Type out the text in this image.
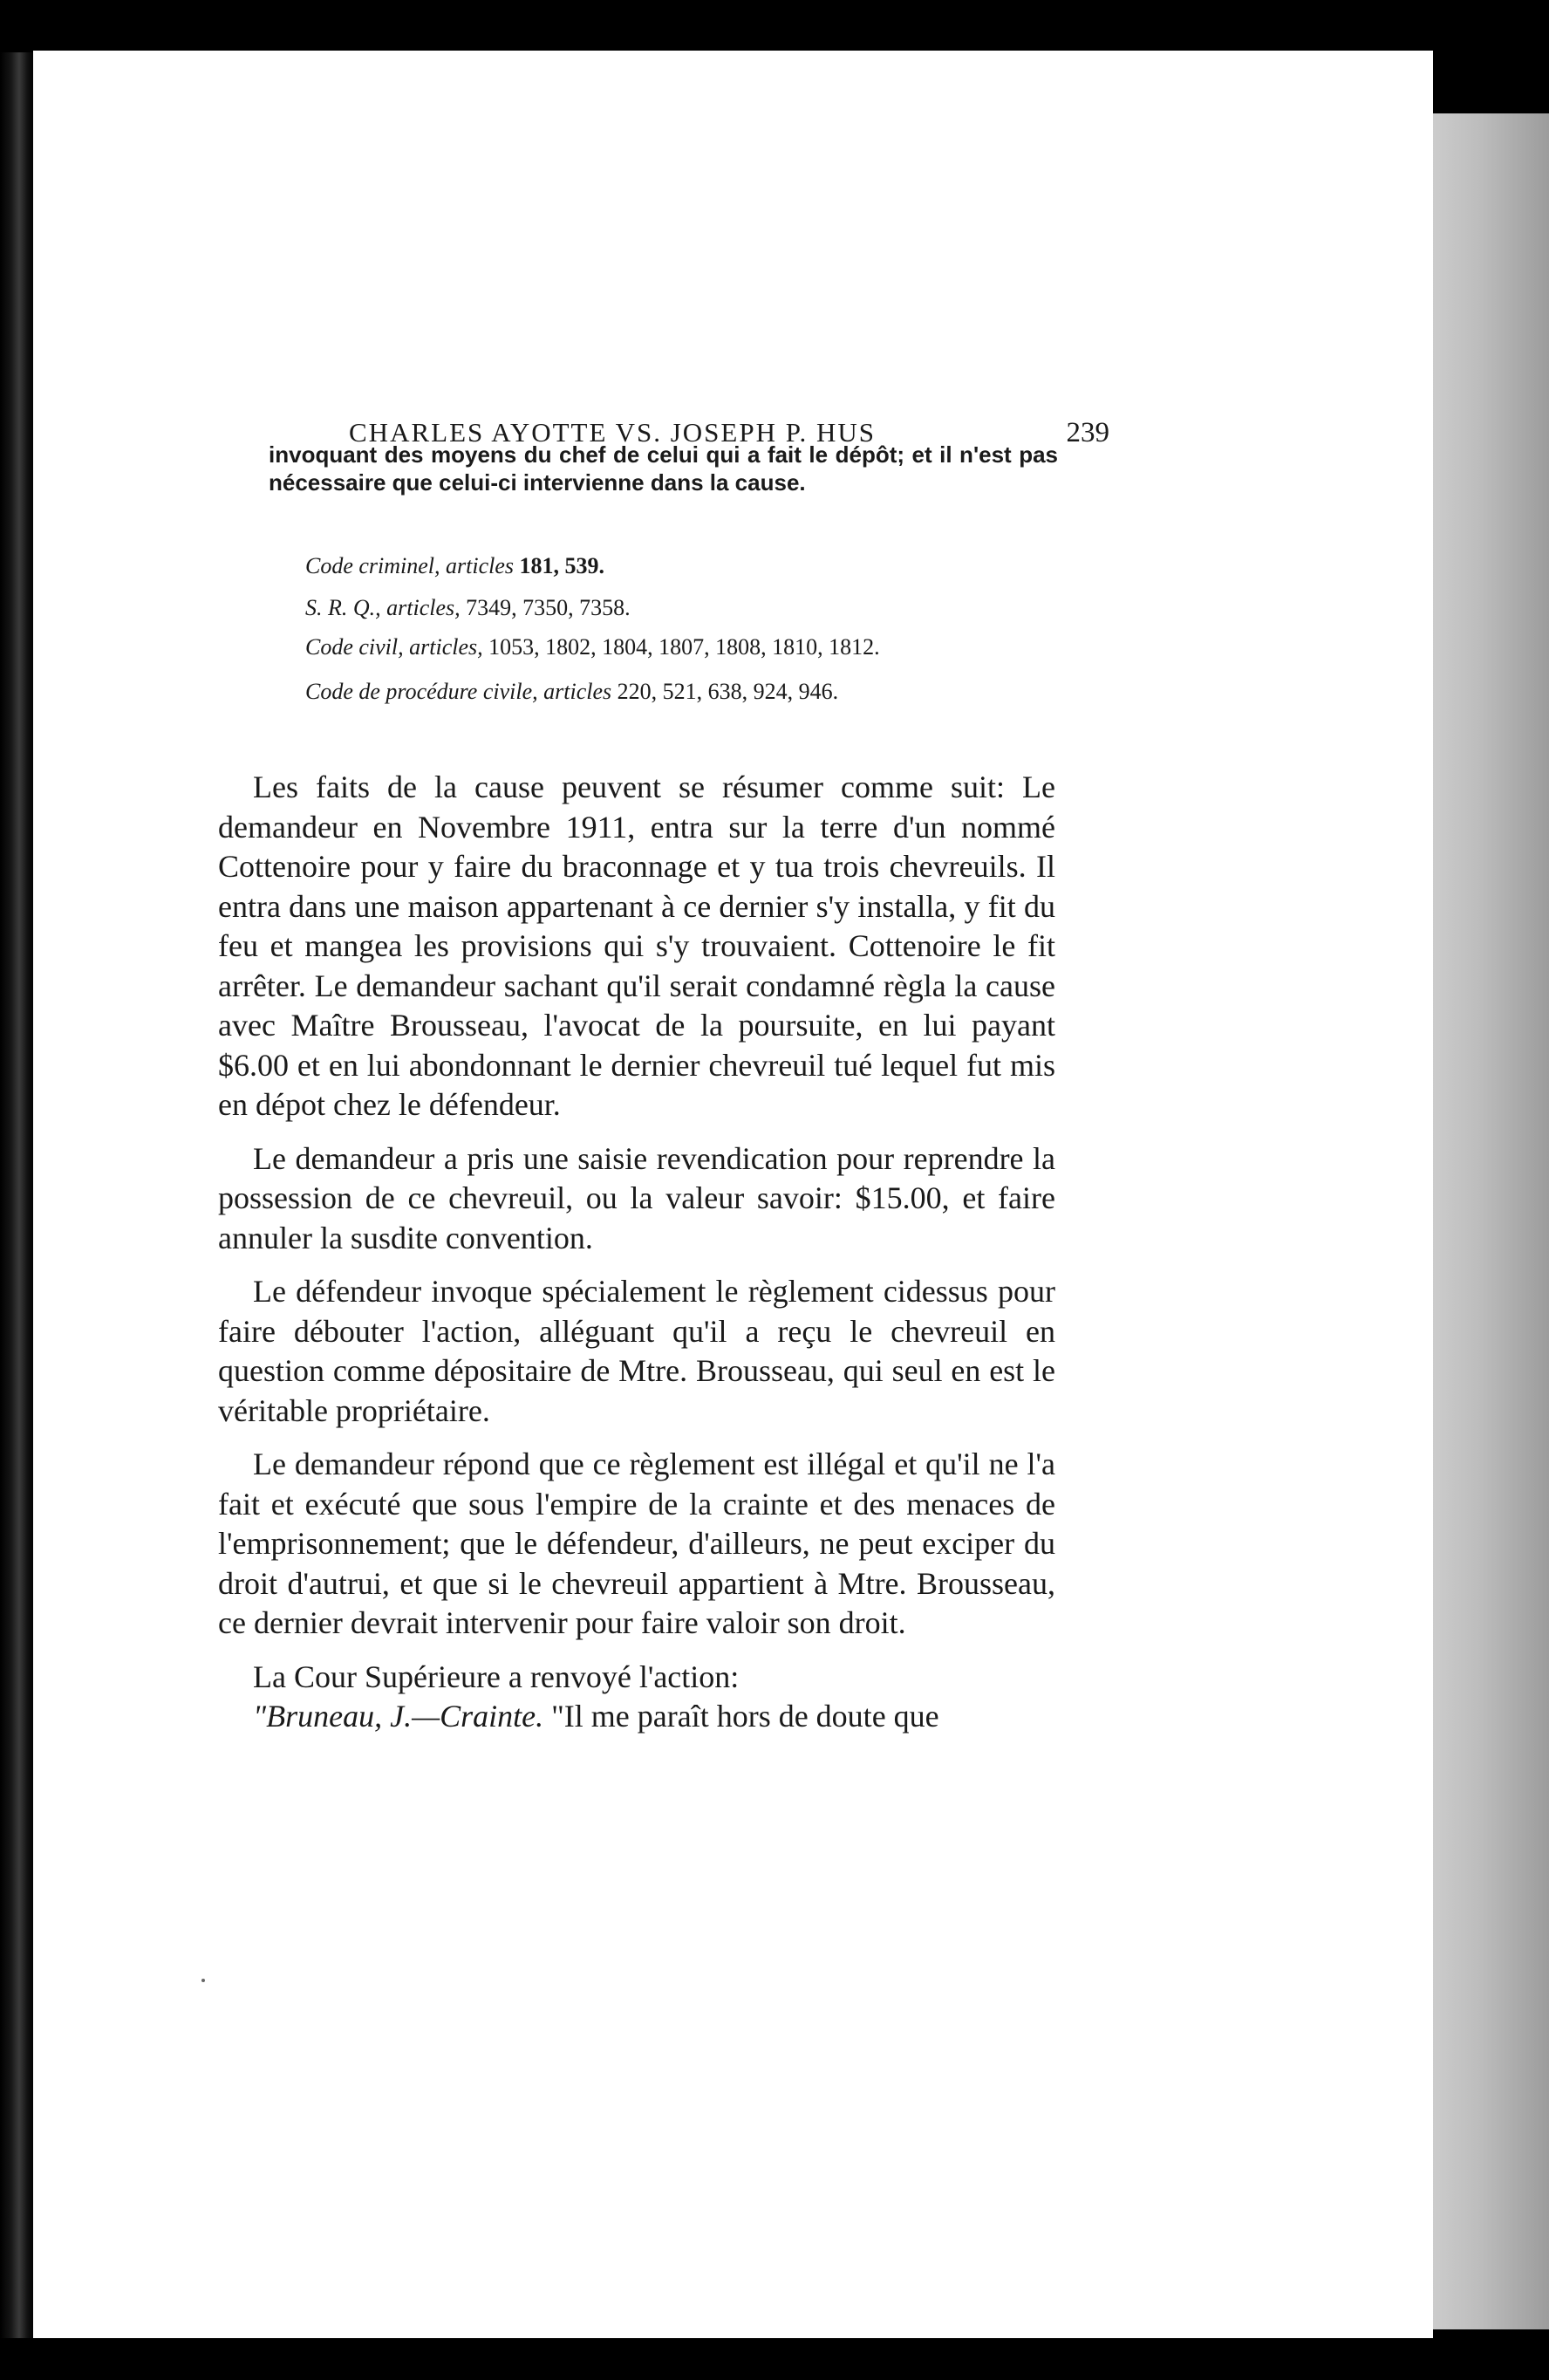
CHARLES AYOTTE VS. JOSEPH P. HUS	239
invoquant des moyens du chef de celui qui a fait le dépôt; et il n'est pas nécessaire que celui-ci intervienne dans la cause.

Code criminel, articles 181, 539.

S. R. Q., articles, 7349, 7350, 7358.

Code civil, articles, 1053, 1802, 1804, 1807, 1808, 1810, 1812.

Code de procédure civile, articles 220, 521, 638, 924, 946.

Les faits de la cause peuvent se résumer comme suit: Le demandeur en Novembre 1911, entra sur la terre d'un nommé Cottenoire pour y faire du braconnage et y tua trois chevreuils. Il entra dans une maison appartenant à ce dernier s'y installa, y fit du feu et mangea les provisions qui s'y trouvaient. Cottenoire le fit arrêter. Le demandeur sachant qu'il serait condamné règla la cause avec Maître Brousseau, l'avocat de la poursuite, en lui payant $6.00 et en lui abondonnant le dernier chevreuil tué lequel fut mis en dépot chez le défendeur.

Le demandeur a pris une saisie revendication pour reprendre la possession de ce chevreuil, ou la valeur savoir: $15.00, et faire annuler la susdite convention.

Le défendeur invoque spécialement le règlement cidessus pour faire débouter l'action, alléguant qu'il a reçu le chevreuil en question comme dépositaire de Mtre. Brousseau, qui seul en est le véritable propriétaire.

Le demandeur répond que ce règlement est illégal et qu'il ne l'a fait et exécuté que sous l'empire de la crainte et des menaces de l'emprisonnement; que le défendeur, d'ailleurs, ne peut exciper du droit d'autrui, et que si le chevreuil appartient à Mtre. Brousseau, ce dernier devrait intervenir pour faire valoir son droit.

La Cour Supérieure a renvoyé l'action:

"Bruneau, J.—Crainte. "Il me paraît hors de doute que
